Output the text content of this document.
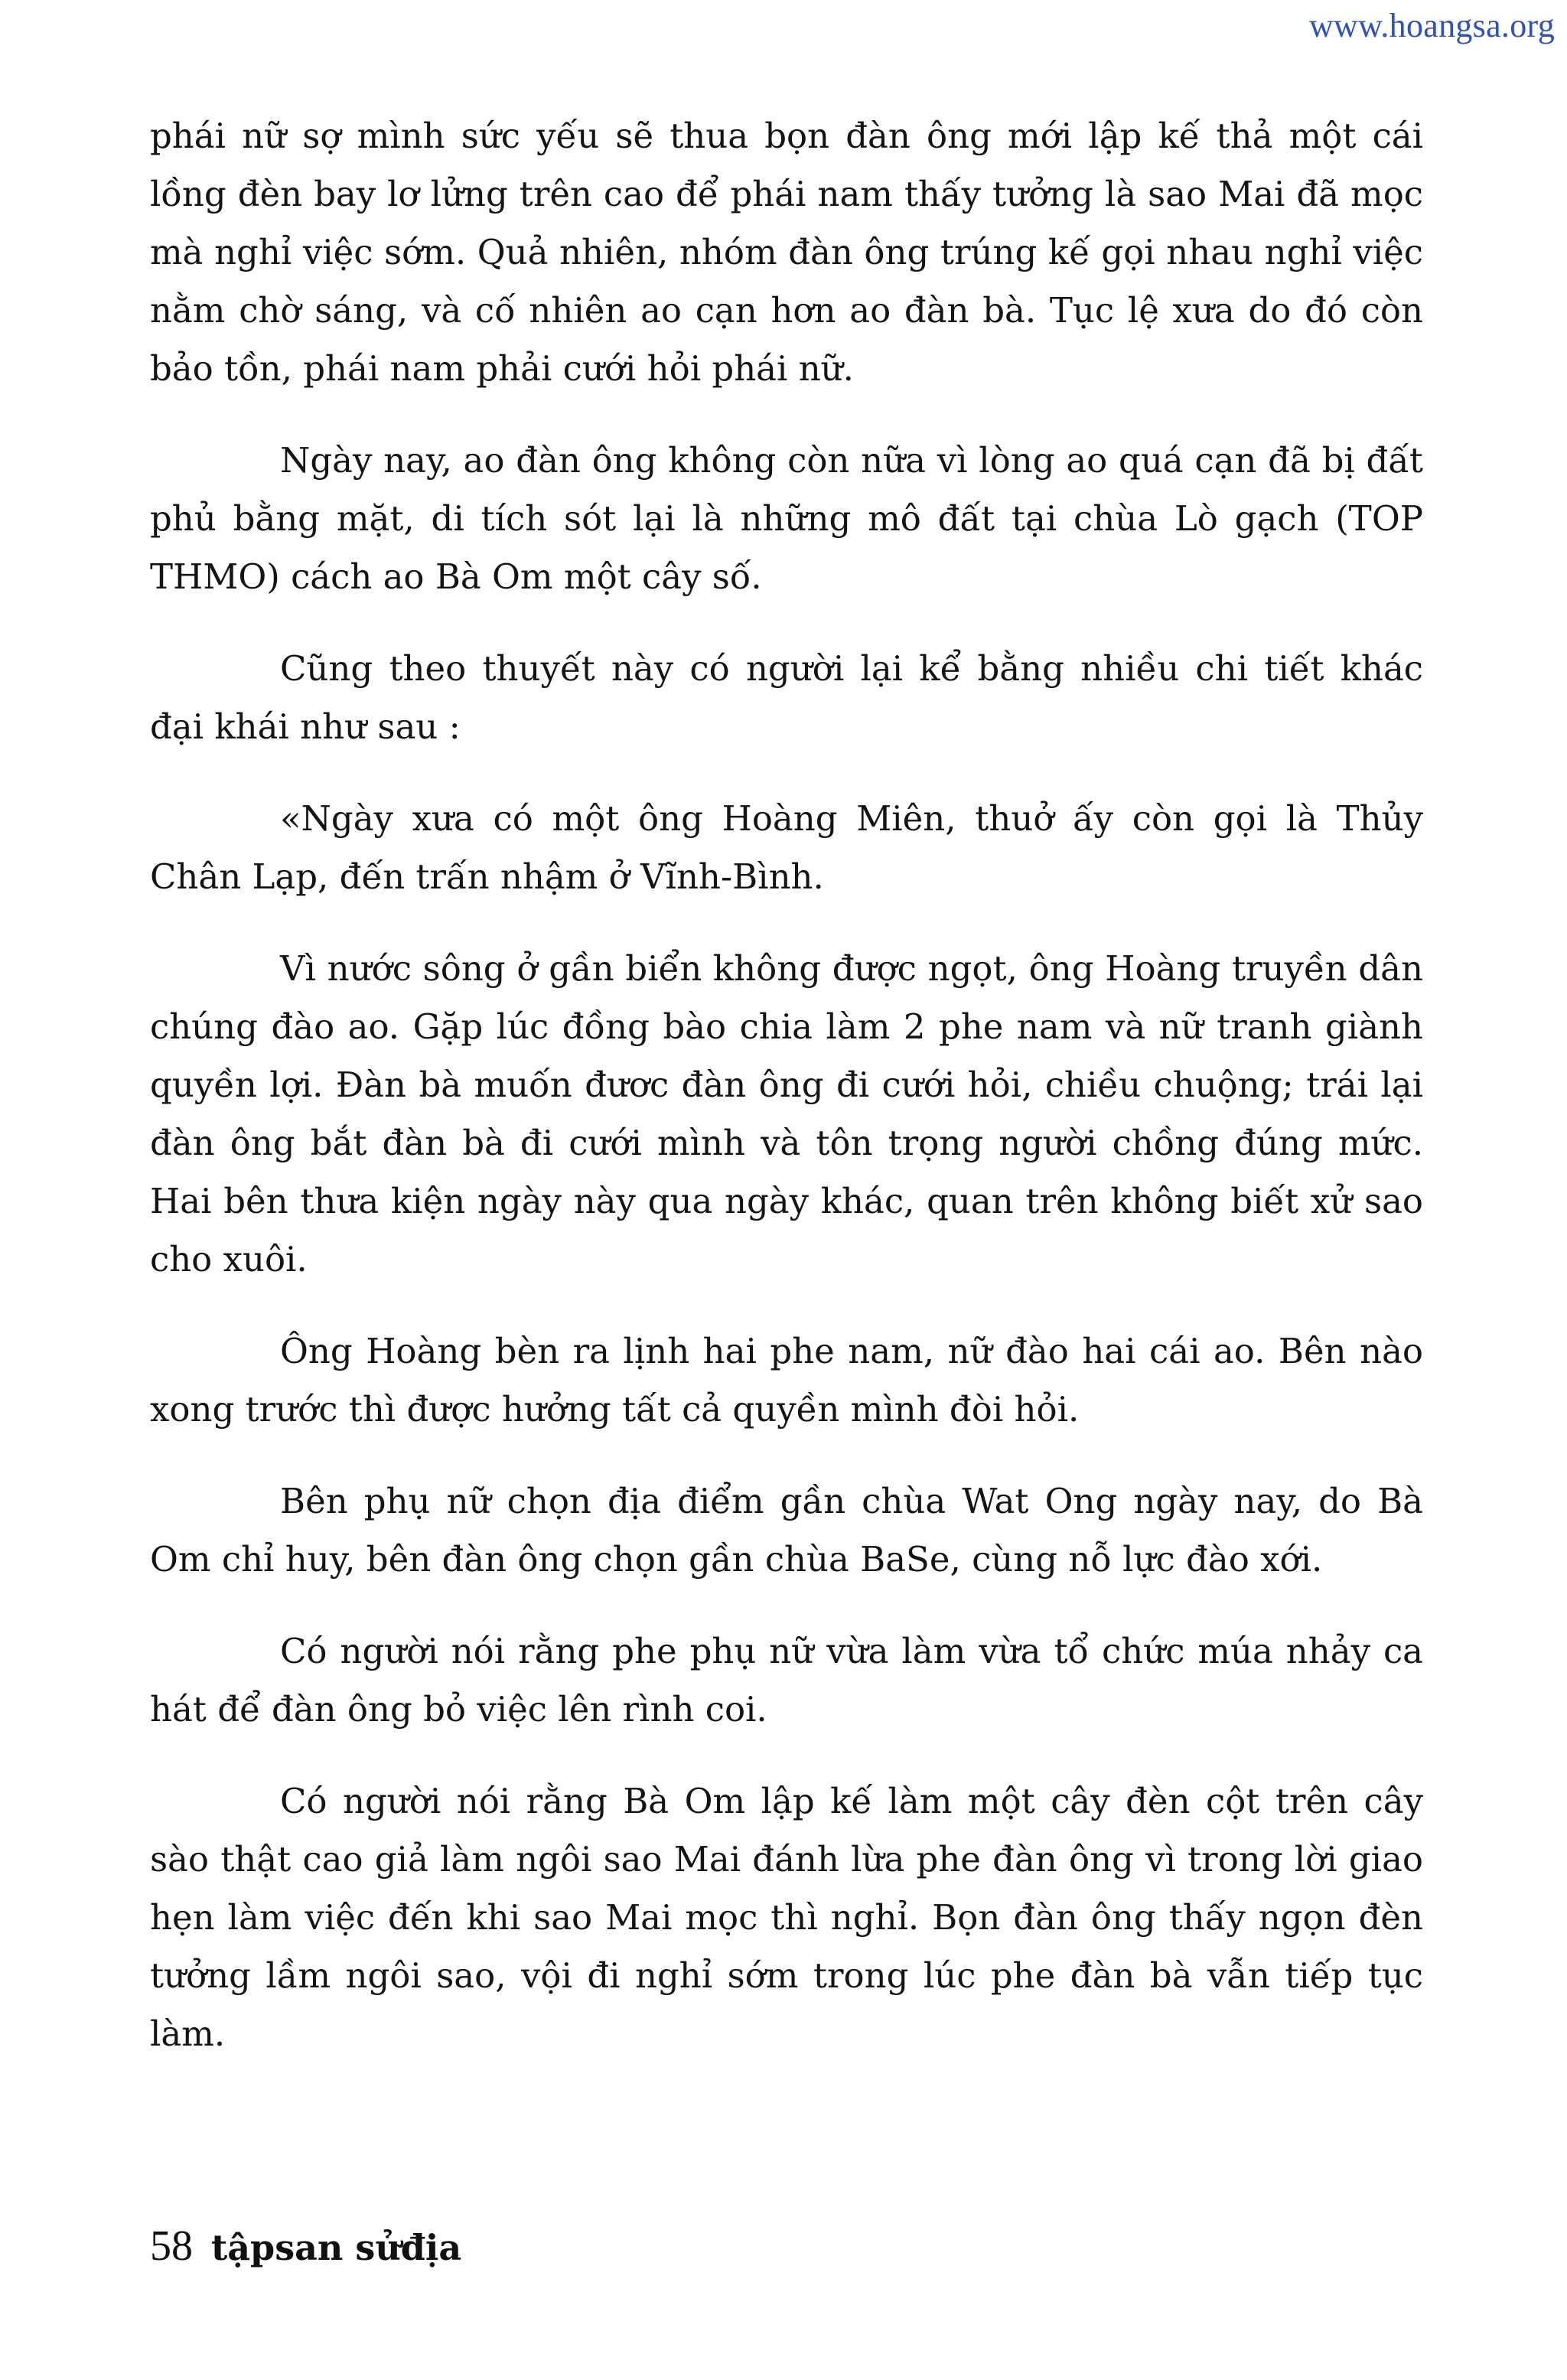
www.hoangsa.org

phái nữ sợ mình sức yếu sẽ thua bọn đàn ông mới lập kế thả một cái lồng đèn bay lơ lửng trên cao để phái nam thấy tưởng là sao Mai đã mọc mà nghỉ việc sớm. Quả nhiên, nhóm đàn ông trúng kế gọi nhau nghỉ việc nằm chờ sáng, và cố nhiên ao cạn hơn ao đàn bà. Tục lệ xưa do đó còn bảo tồn, phái nam phải cưới hỏi phái nữ.

Ngày nay, ao đàn ông không còn nữa vì lòng ao quá cạn đã bị đất phủ bằng mặt, di tích sót lại là những mô đất tại chùa Lò gạch (TOP THMO) cách ao Bà Om một cây số.

Cũng theo thuyết này có người lại kể bằng nhiều chi tiết khác đại khái như sau :

«Ngày xưa có một ông Hoàng Miên, thuở ấy còn gọi là Thủy Chân Lạp, đến trấn nhậm ở Vĩnh-Bình.

Vì nước sông ở gần biển không được ngọt, ông Hoàng truyền dân chúng đào ao. Gặp lúc đồng bào chia làm 2 phe nam và nữ tranh giành quyền lợi. Đàn bà muốn đươc đàn ông đi cưới hỏi, chiều chuộng; trái lại đàn ông bắt đàn bà đi cưới mình và tôn trọng người chồng đúng mức. Hai bên thưa kiện ngày này qua ngày khác, quan trên không biết xử sao cho xuôi.

Ông Hoàng bèn ra lịnh hai phe nam, nữ đào hai cái ao. Bên nào xong trước thì được hưởng tất cả quyền mình đòi hỏi.

Bên phụ nữ chọn địa điểm gần chùa Wat Ong ngày nay, do Bà Om chỉ huy, bên đàn ông chọn gần chùa BaSe, cùng nỗ lực đào xới.

Có người nói rằng phe phụ nữ vừa làm vừa tổ chức múa nhảy ca hát để đàn ông bỏ việc lên rình coi.

Có người nói rằng Bà Om lập kế làm một cây đèn cột trên cây sào thật cao giả làm ngôi sao Mai đánh lừa phe đàn ông vì trong lời giao hẹn làm việc đến khi sao Mai mọc thì nghỉ. Bọn đàn ông thấy ngọn đèn tưởng lầm ngôi sao, vội đi nghỉ sớm trong lúc phe đàn bà vẫn tiếp tục làm.

58 tậpsan sửđịa
